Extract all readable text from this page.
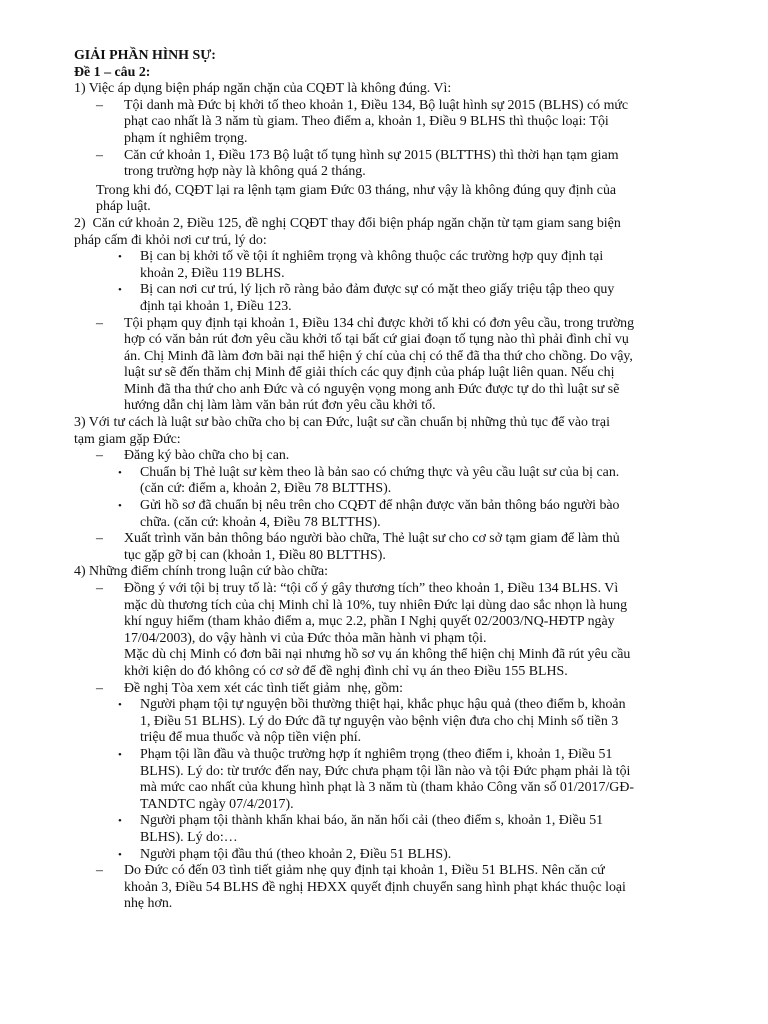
GIẢI PHẦN HÌNH SỰ:
Đề 1 – câu 2:
1) Việc áp dụng biện pháp ngăn chặn của CQĐT là không đúng. Vì:
– Tội danh mà Đức bị khởi tố theo khoản 1, Điều 134, Bộ luật hình sự 2015 (BLHS) có mức
phạt cao nhất là 3 năm tù giam. Theo điểm a, khoản 1, Điều 9 BLHS thì thuộc loại: Tội
phạm ít nghiêm trọng.
– Căn cứ khoản 1, Điều 173 Bộ luật tố tụng hình sự 2015 (BLTTHS) thì thời hạn tạm giam
trong trường hợp này là không quá 2 tháng.
Trong khi đó, CQĐT lại ra lệnh tạm giam Đức 03 tháng, như vậy là không đúng quy định của
pháp luật.
2)  Căn cứ khoản 2, Điều 125, đề nghị CQĐT thay đổi biện pháp ngăn chặn từ tạm giam sang biện
pháp cấm đi khỏi nơi cư trú, lý do:
• Bị can bị khởi tố về tội ít nghiêm trọng và không thuộc các trường hợp quy định tại
khoản 2, Điều 119 BLHS.
• Bị can nơi cư trú, lý lịch rõ ràng bảo đảm được sự có mặt theo giấy triệu tập theo quy
định tại khoản 1, Điều 123.
– Tội phạm quy định tại khoản 1, Điều 134 chỉ được khởi tố khi có đơn yêu cầu, trong trường
hợp có văn bản rút đơn yêu cầu khởi tố tại bất cứ giai đoạn tố tụng nào thì phải đình chỉ vụ
án. Chị Minh đã làm đơn bãi nại thể hiện ý chí của chị có thể đã tha thứ cho chồng. Do vậy,
luật sư sẽ đến thăm chị Minh để giải thích các quy định của pháp luật liên quan. Nếu chị
Minh đã tha thứ cho anh Đức và có nguyện vọng mong anh Đức được tự do thì luật sư sẽ
hướng dẫn chị làm làm văn bản rút đơn yêu cầu khởi tố.
3) Với tư cách là luật sư bào chữa cho bị can Đức, luật sư cần chuẩn bị những thủ tục để vào trại
tạm giam gặp Đức:
– Đăng ký bào chữa cho bị can.
• Chuẩn bị Thẻ luật sư kèm theo là bản sao có chứng thực và yêu cầu luật sư của bị can.
(căn cứ: điểm a, khoản 2, Điều 78 BLTTHS).
• Gửi hồ sơ đã chuẩn bị nêu trên cho CQĐT để nhận được văn bản thông báo người bào
chữa. (căn cứ: khoản 4, Điều 78 BLTTHS).
– Xuất trình văn bản thông báo người bào chữa, Thẻ luật sư cho cơ sở tạm giam để làm thủ
tục gặp gỡ bị can (khoản 1, Điều 80 BLTTHS).
4) Những điểm chính trong luận cứ bào chữa:
– Đồng ý với tội bị truy tố là: “tội cố ý gây thương tích” theo khoản 1, Điều 134 BLHS. Vì
mặc dù thương tích của chị Minh chỉ là 10%, tuy nhiên Đức lại dùng dao sắc nhọn là hung
khí nguy hiểm (tham khảo điểm a, mục 2.2, phần I Nghị quyết 02/2003/NQ-HĐTP ngày
17/04/2003), do vậy hành vi của Đức thỏa mãn hành vi phạm tội.
Mặc dù chị Minh có đơn bãi nại nhưng hồ sơ vụ án không thể hiện chị Minh đã rút yêu cầu
khởi kiện do đó không có cơ sở để đề nghị đình chỉ vụ án theo Điều 155 BLHS.
– Đề nghị Tòa xem xét các tình tiết giảm  nhẹ, gồm:
• Người phạm tội tự nguyện bồi thường thiệt hại, khắc phục hậu quả (theo điểm b, khoản
1, Điều 51 BLHS). Lý do Đức đã tự nguyện vào bệnh viện đưa cho chị Minh số tiền 3
triệu để mua thuốc và nộp tiền viện phí.
• Phạm tội lần đầu và thuộc trường hợp ít nghiêm trọng (theo điểm i, khoản 1, Điều 51
BLHS). Lý do: từ trước đến nay, Đức chưa phạm tội lần nào và tội Đức phạm phải là tội
mà mức cao nhất của khung hình phạt là 3 năm tù (tham khảo Công văn số 01/2017/GĐ-
TANDTC ngày 07/4/2017).
• Người phạm tội thành khẩn khai báo, ăn năn hối cải (theo điểm s, khoản 1, Điều 51
BLHS). Lý do:…
• Người phạm tội đầu thú (theo khoản 2, Điều 51 BLHS).
– Do Đức có đến 03 tình tiết giảm nhẹ quy định tại khoản 1, Điều 51 BLHS. Nên căn cứ
khoản 3, Điều 54 BLHS đề nghị HĐXX quyết định chuyển sang hình phạt khác thuộc loại
nhẹ hơn.
